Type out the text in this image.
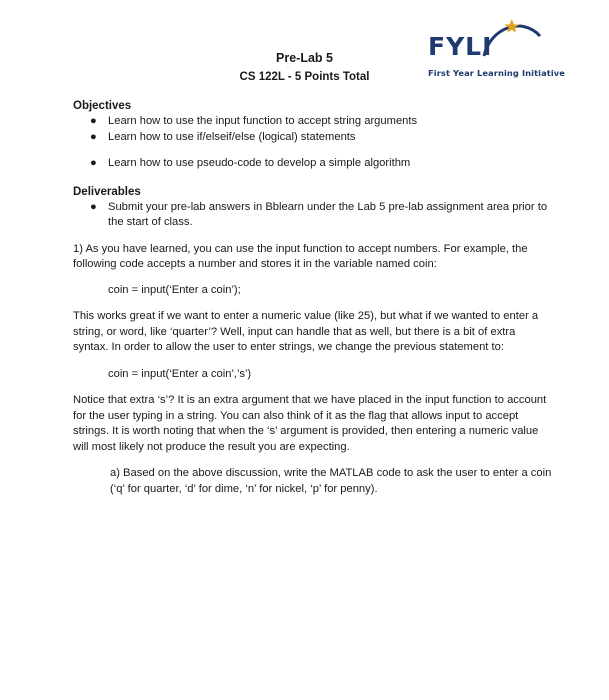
Pre-Lab 5
CS 122L - 5 Points Total
FYLI
First Year Learning Initiative
Objectives
● Learn how to use the input function to accept string arguments
● Learn how to use if/elseif/else (logical) statements
● Learn how to use pseudo-code to develop a simple algorithm
Deliverables
● Submit your pre-lab answers in Bblearn under the Lab 5 pre-lab assignment area prior to the start of class.

1) As you have learned, you can use the input function to accept numbers. For example, the following code accepts a number and stores it in the variable named coin:

coin = input(‘Enter a coin’);

This works great if we want to enter a numeric value (like 25), but what if we wanted to enter a string, or word, like ‘quarter’? Well, input can handle that as well, but there is a bit of extra syntax. In order to allow the user to enter strings, we change the previous statement to:

coin = input(‘Enter a coin’,’s’)

Notice that extra ‘s’? It is an extra argument that we have placed in the input function to account for the user typing in a string. You can also think of it as the flag that allows input to accept strings. It is worth noting that when the ‘s’ argument is provided, then entering a numeric value will most likely not produce the result you are expecting.

a) Based on the above discussion, write the MATLAB code to ask the user to enter a coin (‘q’ for quarter, ‘d’ for dime, ‘n’ for nickel, ‘p’ for penny).
